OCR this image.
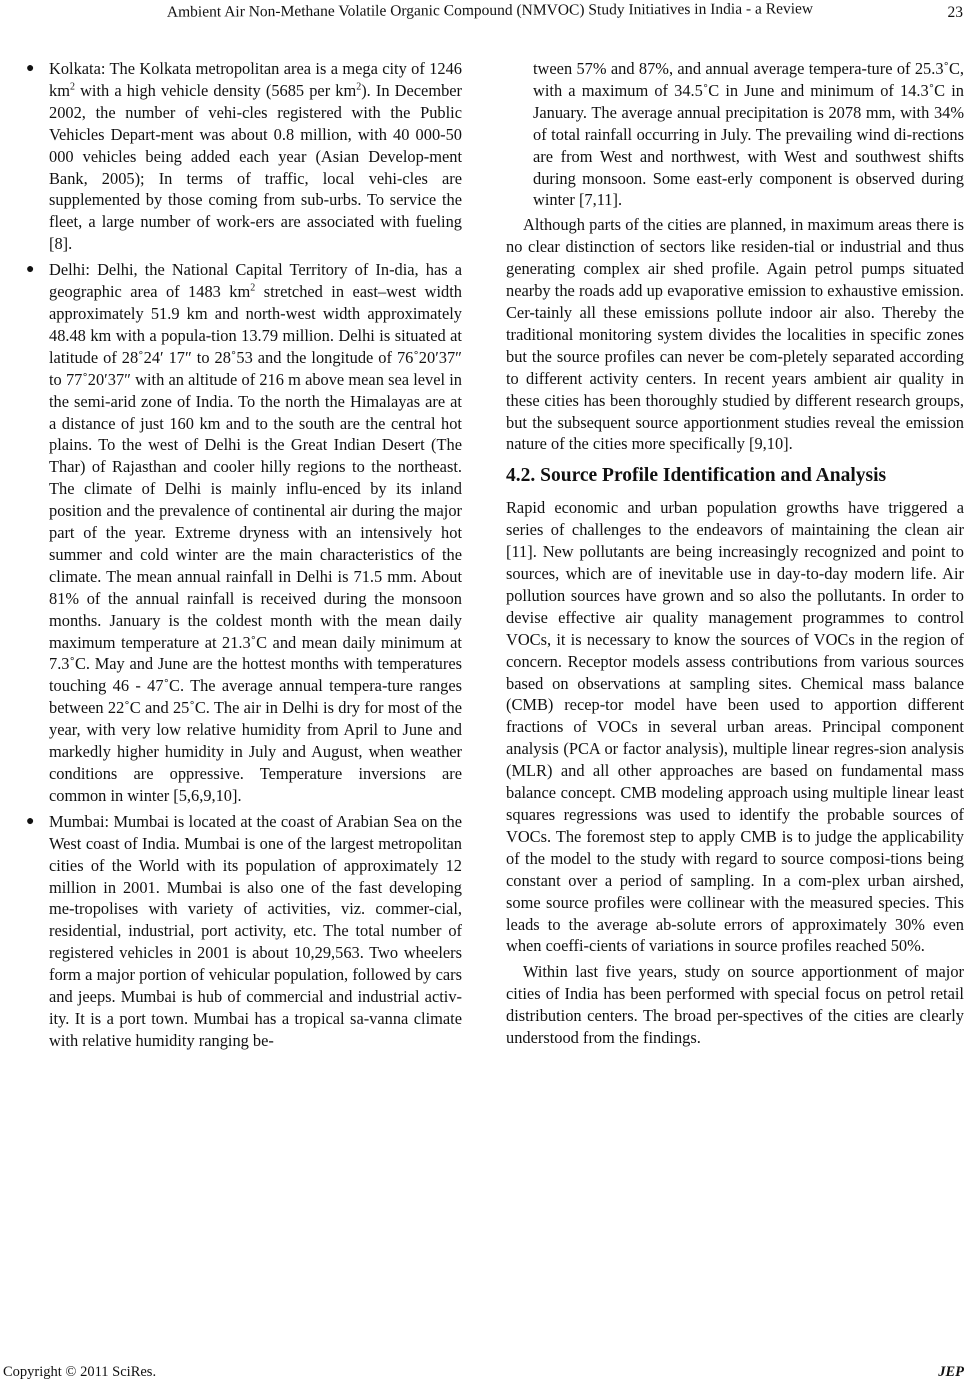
Ambient Air Non-Methane Volatile Organic Compound (NMVOC) Study Initiatives in India - a Review	23
● Kolkata: The Kolkata metropolitan area is a mega city of 1246 $km^2$ with a high vehicle density (5685 per $km^2$). In December 2002, the number of vehi-cles registered with the Public Vehicles Depart-ment was about 0.8 million, with 40 000-50 000 vehicles being added each year (Asian Develop-ment Bank, 2005); In terms of traffic, local vehi-cles are supplemented by those coming from sub-urbs. To service the fleet, a large number of work-ers are associated with fueling [8].
● Delhi: Delhi, the National Capital Territory of In-dia, has a geographic area of 1483 $km^2$ stretched in east–west width approximately 51.9 km and north-west width approximately 48.48 km with a popula-tion 13.79 million. Delhi is situated at latitude of 28˚24′ 17″ to 28˚53 and the longitude of 76˚20′37″ to 77˚20′37″ with an altitude of 216 m above mean sea level in the semi-arid zone of India. To the north the Himalayas are at a distance of just 160 km and to the south are the central hot plains. To the west of Delhi is the Great Indian Desert (The Thar) of Rajasthan and cooler hilly regions to the northeast. The climate of Delhi is mainly influ-enced by its inland position and the prevalence of continental air during the major part of the year. Extreme dryness with an intensively hot summer and cold winter are the main characteristics of the climate. The mean annual rainfall in Delhi is 71.5 mm. About 81% of the annual rainfall is received during the monsoon months. January is the coldest month with the mean daily maximum temperature at 21.3˚C and mean daily minimum at 7.3˚C. May and June are the hottest months with temperatures touching 46 - 47˚C. The average annual tempera-ture ranges between 22˚C and 25˚C. The air in Delhi is dry for most of the year, with very low relative humidity from April to June and markedly higher humidity in July and August, when weather conditions are oppressive. Temperature inversions are common in winter [5,6,9,10].
● Mumbai: Mumbai is located at the coast of Arabian Sea on the West coast of India. Mumbai is one of the largest metropolitan cities of the World with its population of approximately 12 million in 2001. Mumbai is also one of the fast developing me-tropolises with variety of activities, viz. commer-cial, residential, industrial, port activity, etc. The total number of registered vehicles in 2001 is about 10,29,563. Two wheelers form a major portion of vehicular population, followed by cars and jeeps. Mumbai is hub of commercial and industrial activ-ity. It is a port town. Mumbai has a tropical sa-vanna climate with relative humidity ranging be-

tween 57% and 87%, and annual average tempera-ture of 25.3˚C, with a maximum of 34.5˚C in June and minimum of 14.3˚C in January. The average annual precipitation is 2078 mm, with 34% of total rainfall occurring in July. The prevailing wind di-rections are from West and northwest, with West and southwest shifts during monsoon. Some east-erly component is observed during winter [7,11].

Although parts of the cities are planned, in maximum areas there is no clear distinction of sectors like residen-tial or industrial and thus generating complex air shed profile. Again petrol pumps situated nearby the roads add up evaporative emission to exhaustive emission. Cer-tainly all these emissions pollute indoor air also. Thereby the traditional monitoring system divides the localities in specific zones but the source profiles can never be com-pletely separated according to different activity centers. In recent years ambient air quality in these cities has been thoroughly studied by different research groups, but the subsequent source apportionment studies reveal the emission nature of the cities more specifically [9,10].

4.2. Source Profile Identification and Analysis

Rapid economic and urban population growths have triggered a series of challenges to the endeavors of maintaining the clean air [11]. New pollutants are being increasingly recognized and point to sources, which are of inevitable use in day-to-day modern life. Air pollution sources have grown and so also the pollutants. In order to devise effective air quality management programmes to control VOCs, it is necessary to know the sources of VOCs in the region of concern. Receptor models assess contributions from various sources based on observations at sampling sites. Chemical mass balance (CMB) recep-tor model have been used to apportion different fractions of VOCs in several urban areas. Principal component analysis (PCA or factor analysis), multiple linear regres-sion analysis (MLR) and all other approaches are based on fundamental mass balance concept. CMB modeling approach using multiple linear least squares regressions was used to identify the probable sources of VOCs. The foremost step to apply CMB is to judge the applicability of the model to the study with regard to source composi-tions being constant over a period of sampling. In a com-plex urban airshed, some source profiles were collinear with the measured species. This leads to the average ab-solute errors of approximately 30% even when coeffi-cients of variations in source profiles reached 50%.

Within last five years, study on source apportionment of major cities of India has been performed with special focus on petrol retail distribution centers. The broad per-spectives of the cities are clearly understood from the findings.

Copyright © 2011 SciRes.	JEP
